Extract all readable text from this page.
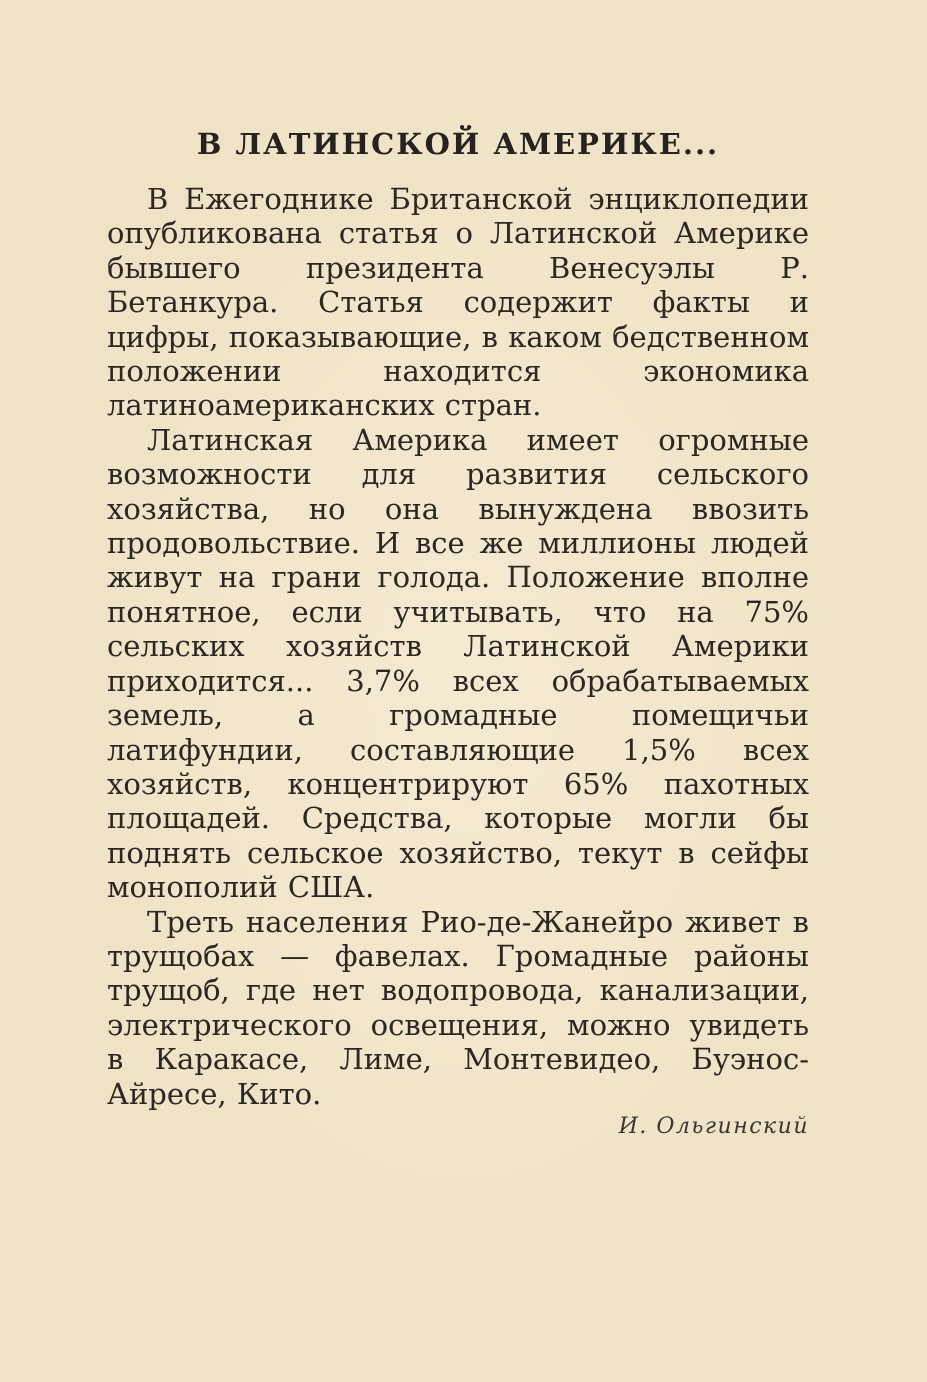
В ЛАТИНСКОЙ АМЕРИКЕ...

В Ежегоднике Британской энциклопедии опубликована статья о Латинской Америке бывшего президента Венесуэлы Р. Бетанкура. Статья содержит факты и цифры, показывающие, в каком бедственном положении находится экономика латиноамериканских стран.

Латинская Америка имеет огромные возможности для развития сельского хозяйства, но она вынуждена ввозить продовольствие. И все же миллионы людей живут на грани голода. Положение вполне понятное, если учитывать, что на 75% сельских хозяйств Латинской Америки приходится... 3,7% всех обрабатываемых земель, а громадные помещичьи латифундии, составляющие 1,5% всех хозяйств, концентрируют 65% пахотных площадей. Средства, которые могли бы поднять сельское хозяйство, текут в сейфы монополий США.

Треть населения Рио-де-Жанейро живет в трущобах — фавелах. Громадные районы трущоб, где нет водопровода, канализации, электрического освещения, можно увидеть в Каракасе, Лиме, Монтевидео, Буэнос-Айресе, Кито.

И. Ольгинский
